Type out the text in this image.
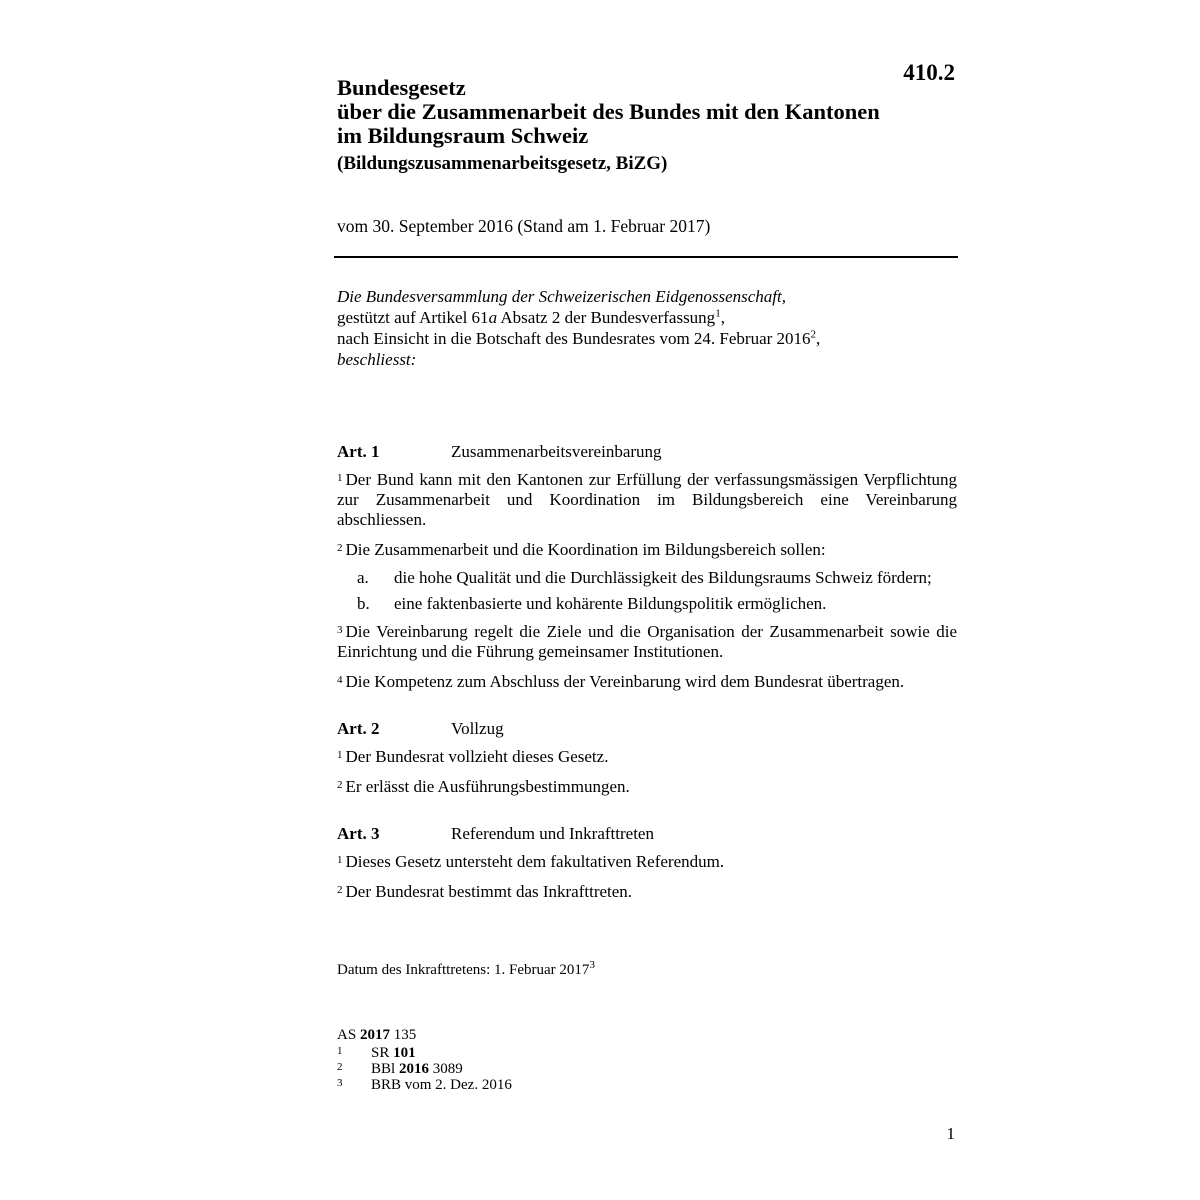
410.2
Bundesgesetz
über die Zusammenarbeit des Bundes mit den Kantonen
im Bildungsraum Schweiz
(Bildungszusammenarbeitsgesetz, BiZG)
vom 30. September 2016 (Stand am 1. Februar 2017)
Die Bundesversammlung der Schweizerischen Eidgenossenschaft,
gestützt auf Artikel 61a Absatz 2 der Bundesverfassung$^1$,
nach Einsicht in die Botschaft des Bundesrates vom 24. Februar 2016$^2$,
beschliesst:
Art. 1	Zusammenarbeitsvereinbarung
$^1$ Der Bund kann mit den Kantonen zur Erfüllung der verfassungsmässigen Verpflichtung zur Zusammenarbeit und Koordination im Bildungsbereich eine Vereinbarung abschliessen.
$^2$ Die Zusammenarbeit und die Koordination im Bildungsbereich sollen:
a.	die hohe Qualität und die Durchlässigkeit des Bildungsraums Schweiz fördern;
b.	eine faktenbasierte und kohärente Bildungspolitik ermöglichen.
$^3$ Die Vereinbarung regelt die Ziele und die Organisation der Zusammenarbeit sowie die Einrichtung und die Führung gemeinsamer Institutionen.
$^4$ Die Kompetenz zum Abschluss der Vereinbarung wird dem Bundesrat übertragen.
Art. 2	Vollzug
$^1$ Der Bundesrat vollzieht dieses Gesetz.
$^2$ Er erlässt die Ausführungsbestimmungen.
Art. 3	Referendum und Inkrafttreten
$^1$ Dieses Gesetz untersteht dem fakultativen Referendum.
$^2$ Der Bundesrat bestimmt das Inkrafttreten.
Datum des Inkrafttretens: 1. Februar 2017$^3$
AS 2017 135
1	SR 101
2	BBl 2016 3089
3	BRB vom 2. Dez. 2016
1
